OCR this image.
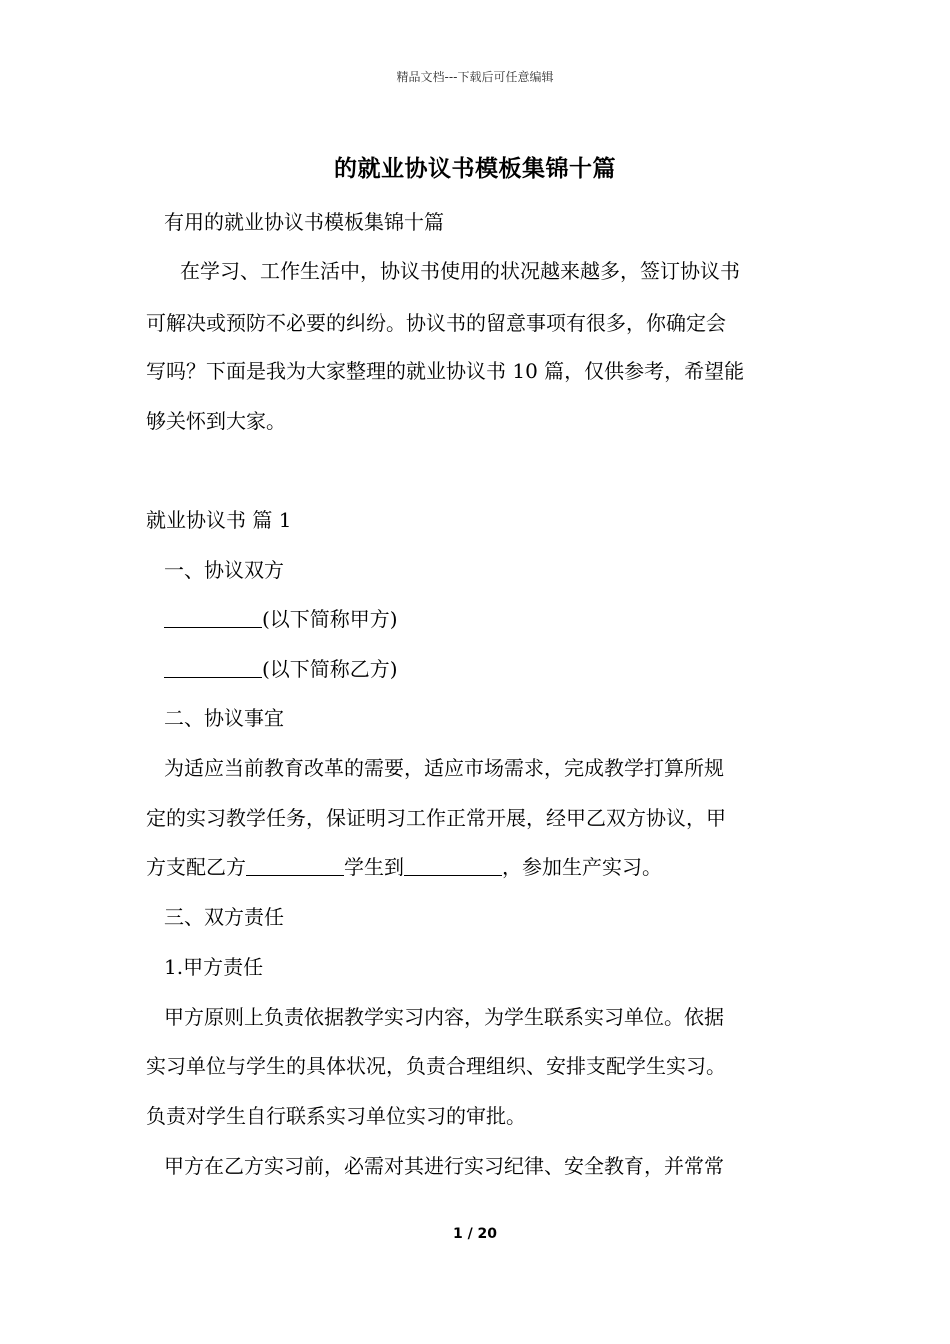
精品文档---下载后可任意编辑
的就业协议书模板集锦十篇
有用的就业协议书模板集锦十篇
在学习、工作生活中，协议书使用的状况越来越多，签订协议书
可解决或预防不必要的纠纷。协议书的留意事项有很多，你确定会
写吗？下面是我为大家整理的就业协议书 10 篇，仅供参考，希望能
够关怀到大家。
就业协议书 篇 1
一、协议双方
(以下简称甲方)
(以下简称乙方)
二、协议事宜
为适应当前教育改革的需要，适应市场需求，完成教学打算所规
定的实习教学任务，保证明习工作正常开展，经甲乙双方协议，甲
方支配乙方	学生到	，参加生产实习。
三、双方责任
1.甲方责任
甲方原则上负责依据教学实习内容，为学生联系实习单位。依据
实习单位与学生的具体状况，负责合理组织、安排支配学生实习。
负责对学生自行联系实习单位实习的审批。
甲方在乙方实习前，必需对其进行实习纪律、安全教育，并常常
1 / 20
